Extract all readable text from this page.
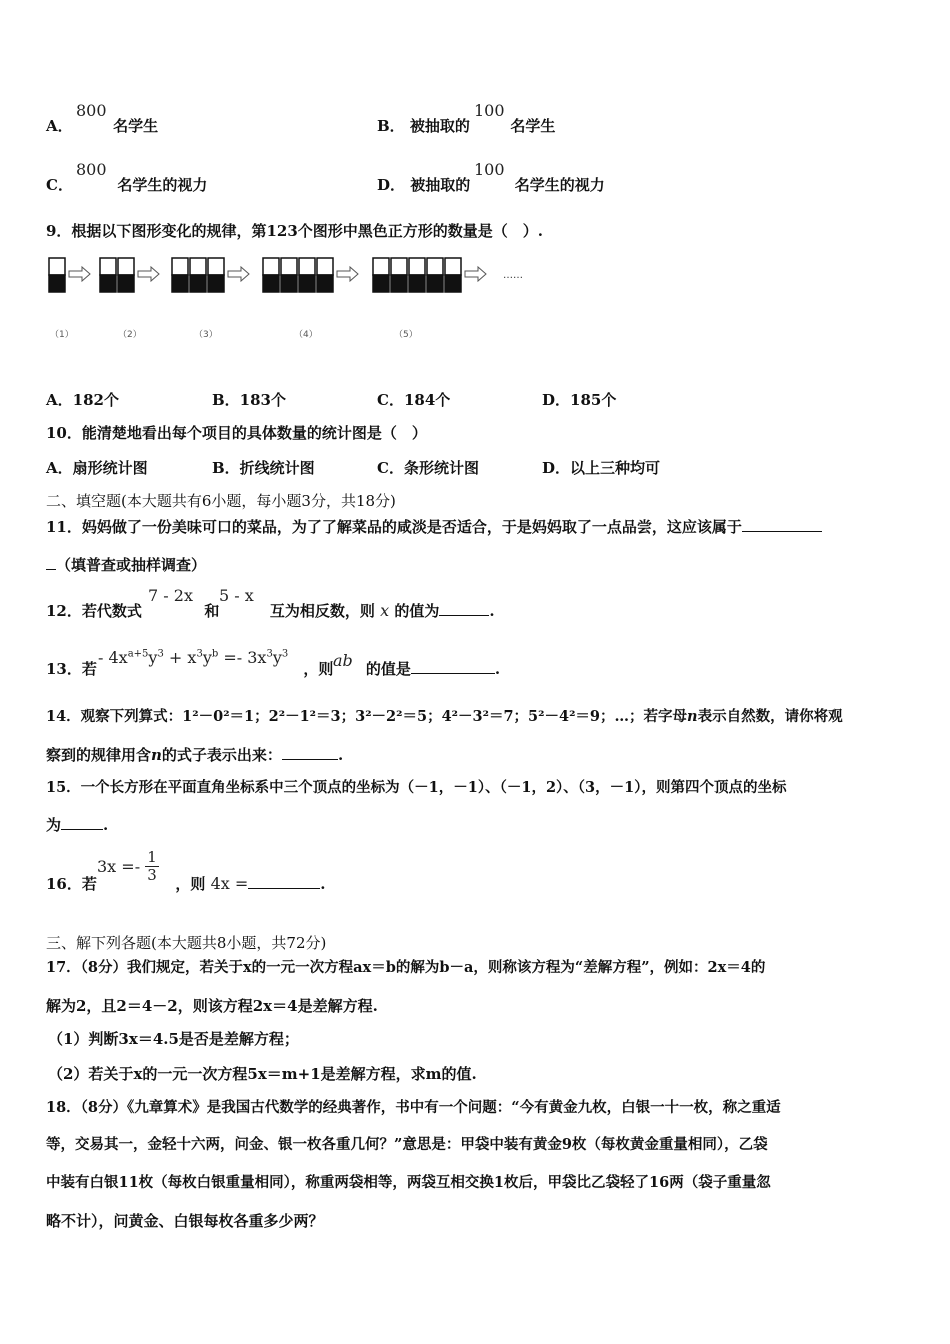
A．	名学生
800
B． 被抽取的	名学生
100
C．	名学生的视力
800
D． 被抽取的	名学生的视力
100
9．根据以下图形变化的规律，第123个图形中黑色正方形的数量是（　）.
……
（1）	（2）	（3）	（4）	（5）
A．182个	B．183个	C．184个	D．185个
10．能清楚地看出每个项目的具体数量的统计图是（　）
A．扇形统计图	B．折线统计图	C．条形统计图	D．以上三种均可
二、填空题(本大题共有6小题，每小题3分，共18分)
11．妈妈做了一份美味可口的菜品，为了了解菜品的咸淡是否适合，于是妈妈取了一点品尝，这应该属于
（填普查或抽样调查）
12．若代数式	和	互为相反数，则 x 的值为	.
7 - 2x 5 - x
13．若	，则 的值是	.
- $4x^{a+5}y^3 + x^3y^b =- 3x^3y^3$	ab
14．观察下列算式：1²－0²＝1；2²－1²＝3；3²－2²＝5；4²－3²＝7；5²－4²＝9；…；若字母n表示自然数，请你将观
察到的规律用含n的式子表示出来：	.
15．一个长方形在平面直角坐标系中三个顶点的坐标为（－1，－1）、（－1，2）、（3，－1），则第四个顶点的坐标
为	.
16．若	，则 4x =	.
$3x =- \frac{1}{3}$
三、解下列各题(本大题共8小题，共72分)
17．（8分）我们规定，若关于x的一元一次方程ax＝b的解为b－a，则称该方程为“差解方程”，例如：2x＝4的
解为2，且2＝4－2，则该方程2x＝4是差解方程.
（1）判断3x＝4.5是否是差解方程；
（2）若关于x的一元一次方程5x＝m+1是差解方程，求m的值.
18．（8分）《九章算术》是我国古代数学的经典著作，书中有一个问题：“今有黄金九枚，白银一十一枚，称之重适
等，交易其一，金轻十六两，问金、银一枚各重几何？”意思是：甲袋中装有黄金9枚（每枚黄金重量相同），乙袋
中装有白银11枚（每枚白银重量相同），称重两袋相等，两袋互相交换1枚后，甲袋比乙袋轻了16两（袋子重量忽
略不计），问黄金、白银每枚各重多少两？
